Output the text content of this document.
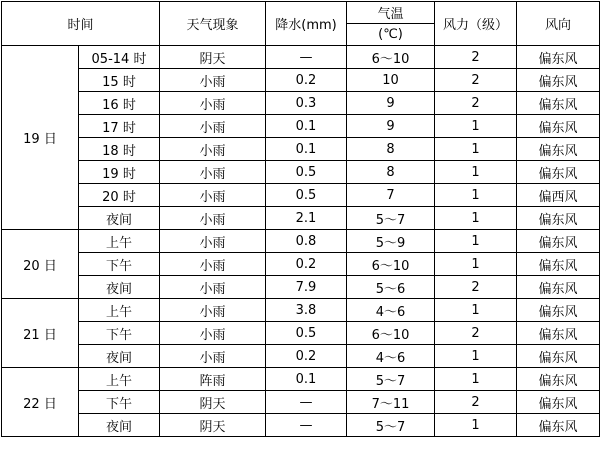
时间		天气现象	降水(mm)	气温	风力（级）	风向
				(℃)		
19 日	05-14 时	阴天	—	6～10	2	偏东风
	15 时	小雨	0.2	10	2	偏东风
	16 时	小雨	0.3	9	2	偏东风
	17 时	小雨	0.1	9	1	偏东风
	18 时	小雨	0.1	8	1	偏东风
	19 时	小雨	0.5	8	1	偏东风
	20 时	小雨	0.5	7	1	偏西风
	夜间	小雨	2.1	5～7	1	偏东风
20 日	上午	小雨	0.8	5～9	1	偏东风
	下午	小雨	0.2	6～10	1	偏东风
	夜间	小雨	7.9	5～6	2	偏东风
21 日	上午	小雨	3.8	4～6	1	偏东风
	下午	小雨	0.5	6～10	2	偏东风
	夜间	小雨	0.2	4～6	1	偏东风
22 日	上午	阵雨	0.1	5～7	1	偏东风
	下午	阴天	—	7～11	2	偏东风
	夜间	阴天	—	5～7	1	偏东风
